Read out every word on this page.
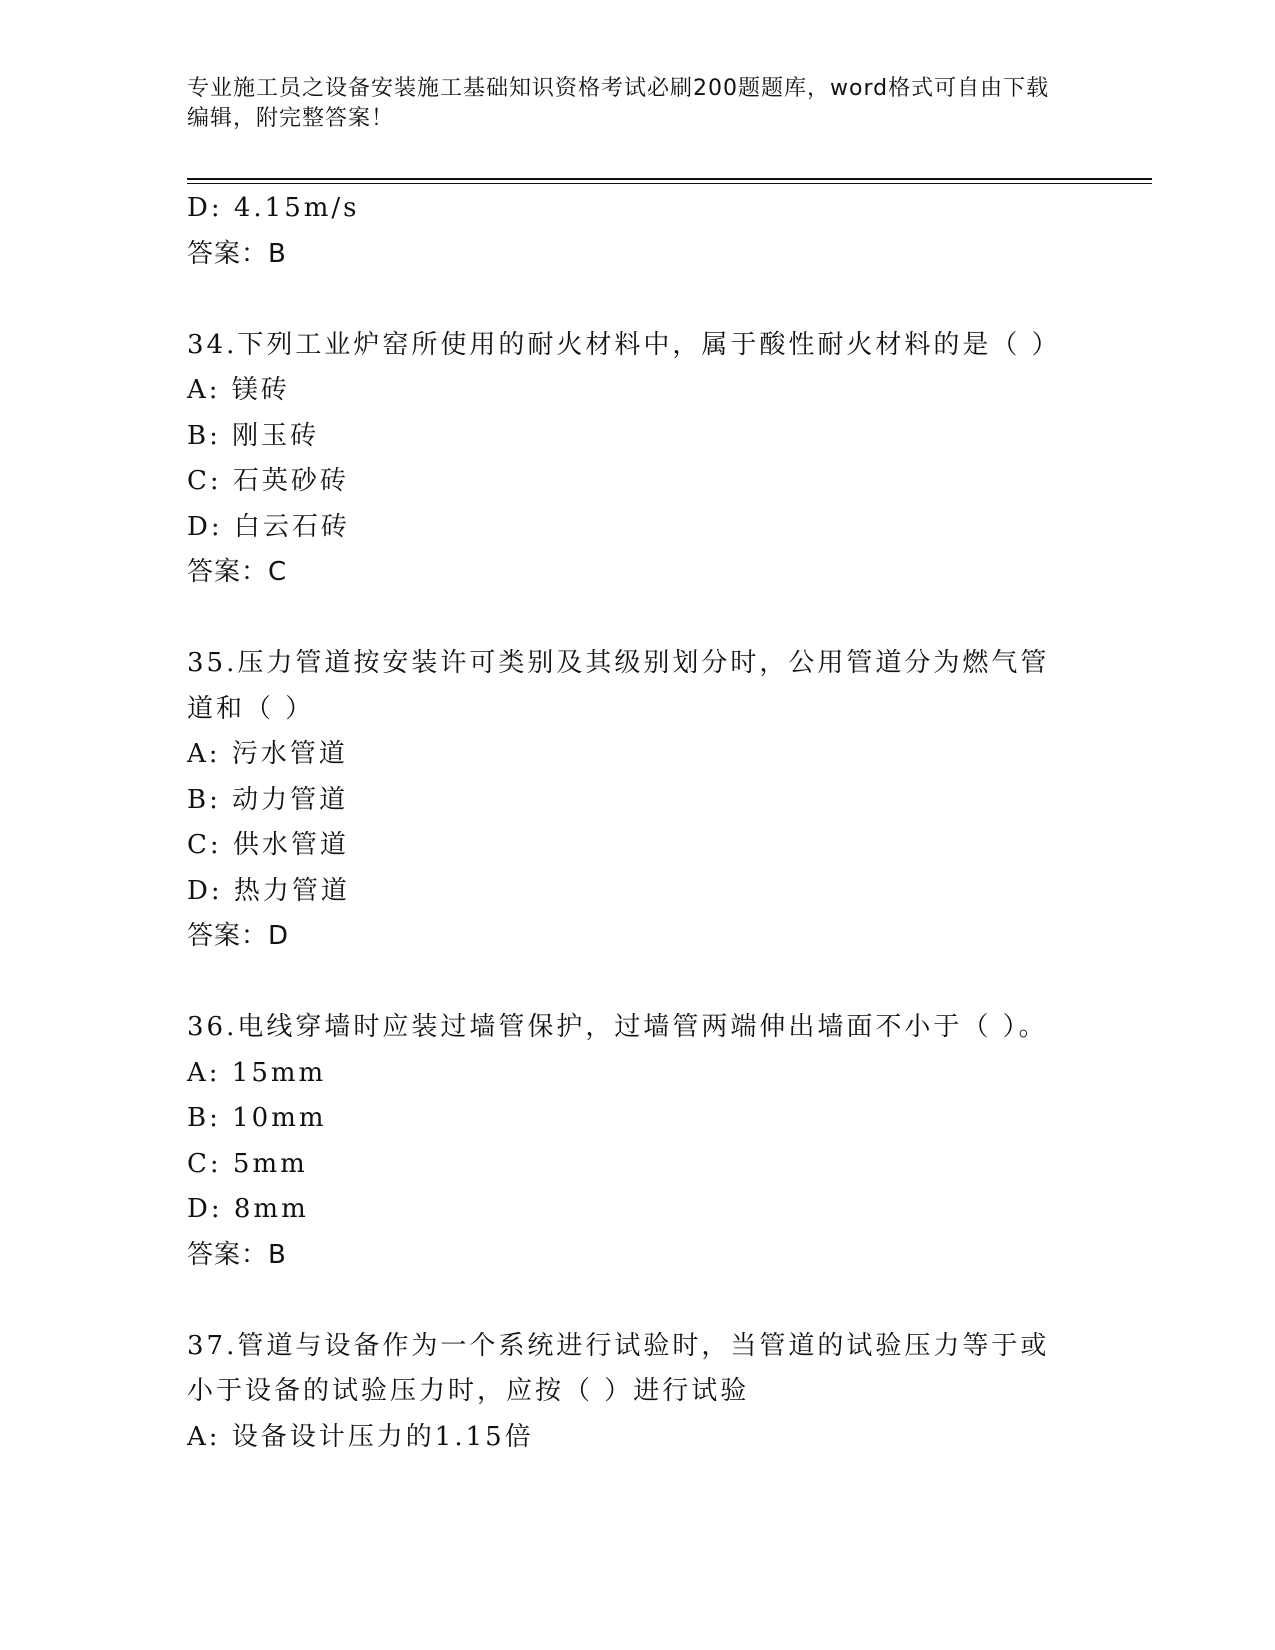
专业施工员之设备安装施工基础知识资格考试必刷200题题库，word格式可自由下载编辑，附完整答案！
D: 4.15m/s
答案：B
34.下列工业炉窑所使用的耐火材料中，属于酸性耐火材料的是（ ）
A: 镁砖
B: 刚玉砖
C: 石英砂砖
D: 白云石砖
答案：C
35.压力管道按安装许可类别及其级别划分时，公用管道分为燃气管道和（ ）
A: 污水管道
B: 动力管道
C: 供水管道
D: 热力管道
答案：D
36.电线穿墙时应装过墙管保护，过墙管两端伸出墙面不小于（ ）。
A: 15mm
B: 10mm
C: 5mm
D: 8mm
答案：B
37.管道与设备作为一个系统进行试验时，当管道的试验压力等于或小于设备的试验压力时，应按（ ）进行试验
A: 设备设计压力的1.15倍
